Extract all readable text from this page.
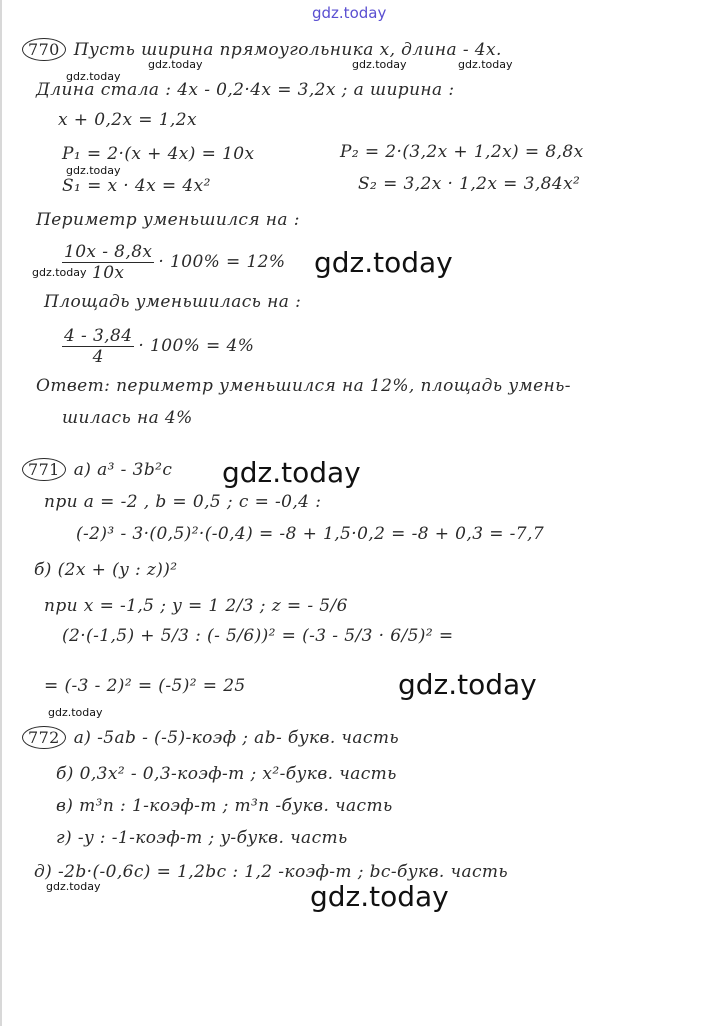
gdz.today
770 Пусть ширина прямоугольника x, длина - 4x.
gdz.today	gdz.today	gdz.today
gdz.today
Длина стала : 4x - 0,2·4x = 3,2x ; а ширина :
x + 0,2x = 1,2x
P₁ = 2·(x + 4x) = 10x	P₂ = 2·(3,2x + 1,2x) = 8,8x
gdz.today
S₁ = x · 4x = 4x²	S₂ = 3,2x · 1,2x = 3,84x²
Периметр уменьшился на :
$\frac{10x - 8,8x}{10x} \cdot 100\% = 12\%$
gdz.today	gdz.today
Площадь уменьшилась на :
$\frac{4 - 3,84}{4} \cdot 100\% = 4\%$
Ответ: периметр уменьшился на 12%, площадь умень-
шилась на 4%
771 а) a³ - 3b²c gdz.today
при a = -2 , b = 0,5 ; c = -0,4 :
(-2)³ - 3·(0,5)²·(-0,4) = -8 + 1,5·0,2 = -8 + 0,3 = -7,7
б) (2x + (y : z))²
при x = -1,5 ; y = 1 2/3 ; z = - 5/6
(2·(-1,5) + 5/3 : (- 5/6))² = (-3 - 5/3 · 6/5)² =
= (-3 - 2)² = (-5)² = 25	gdz.today
gdz.today
772 а) -5ab - (-5)-коэф ; ab- букв. часть
б) 0,3x² - 0,3-коэф-т ; x²-букв. часть
в) m³n : 1-коэф-т ; m³n -букв. часть
г) -y : -1-коэф-т ; y-букв. часть
д) -2b·(-0,6c) = 1,2bc : 1,2 -коэф-т ; bc-букв. часть
gdz.today	gdz.today
